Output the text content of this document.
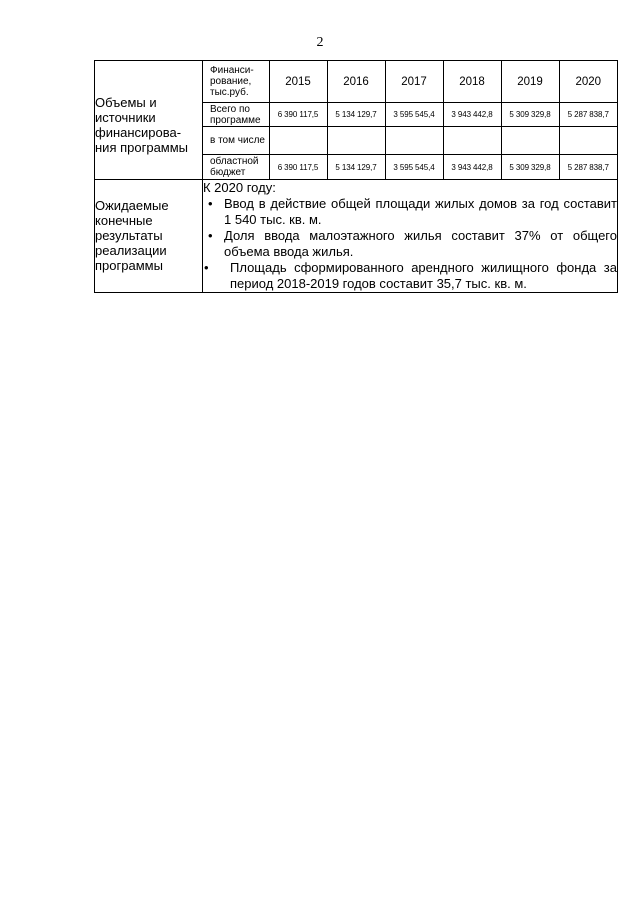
2
Объемы и источники финансирова-ния программы	
Финанси-рование, тыс.руб.	2015	2016	2017	2018	2019	2020
Всего по программе	6 390 117,5	5 134 129,7	3 595 545,4	3 943 442,8	5 309 329,8	5 287 838,7
в том числе						
областной бюджет	6 390 117,5	5 134 129,7	3 595 545,4	3 943 442,8	5 309 329,8	5 287 838,7

Ожидаемые конечные результаты реализации программы	

К 2020 году:

• Ввод в действие общей площади жилых домов за год составит 1 540 тыс. кв. м.
• Доля ввода малоэтажного жилья составит 37% от общего объема ввода жилья.
• Площадь сформированного арендного жилищного фонда за период 2018-2019 годов составит 35,7 тыс. кв. м.
